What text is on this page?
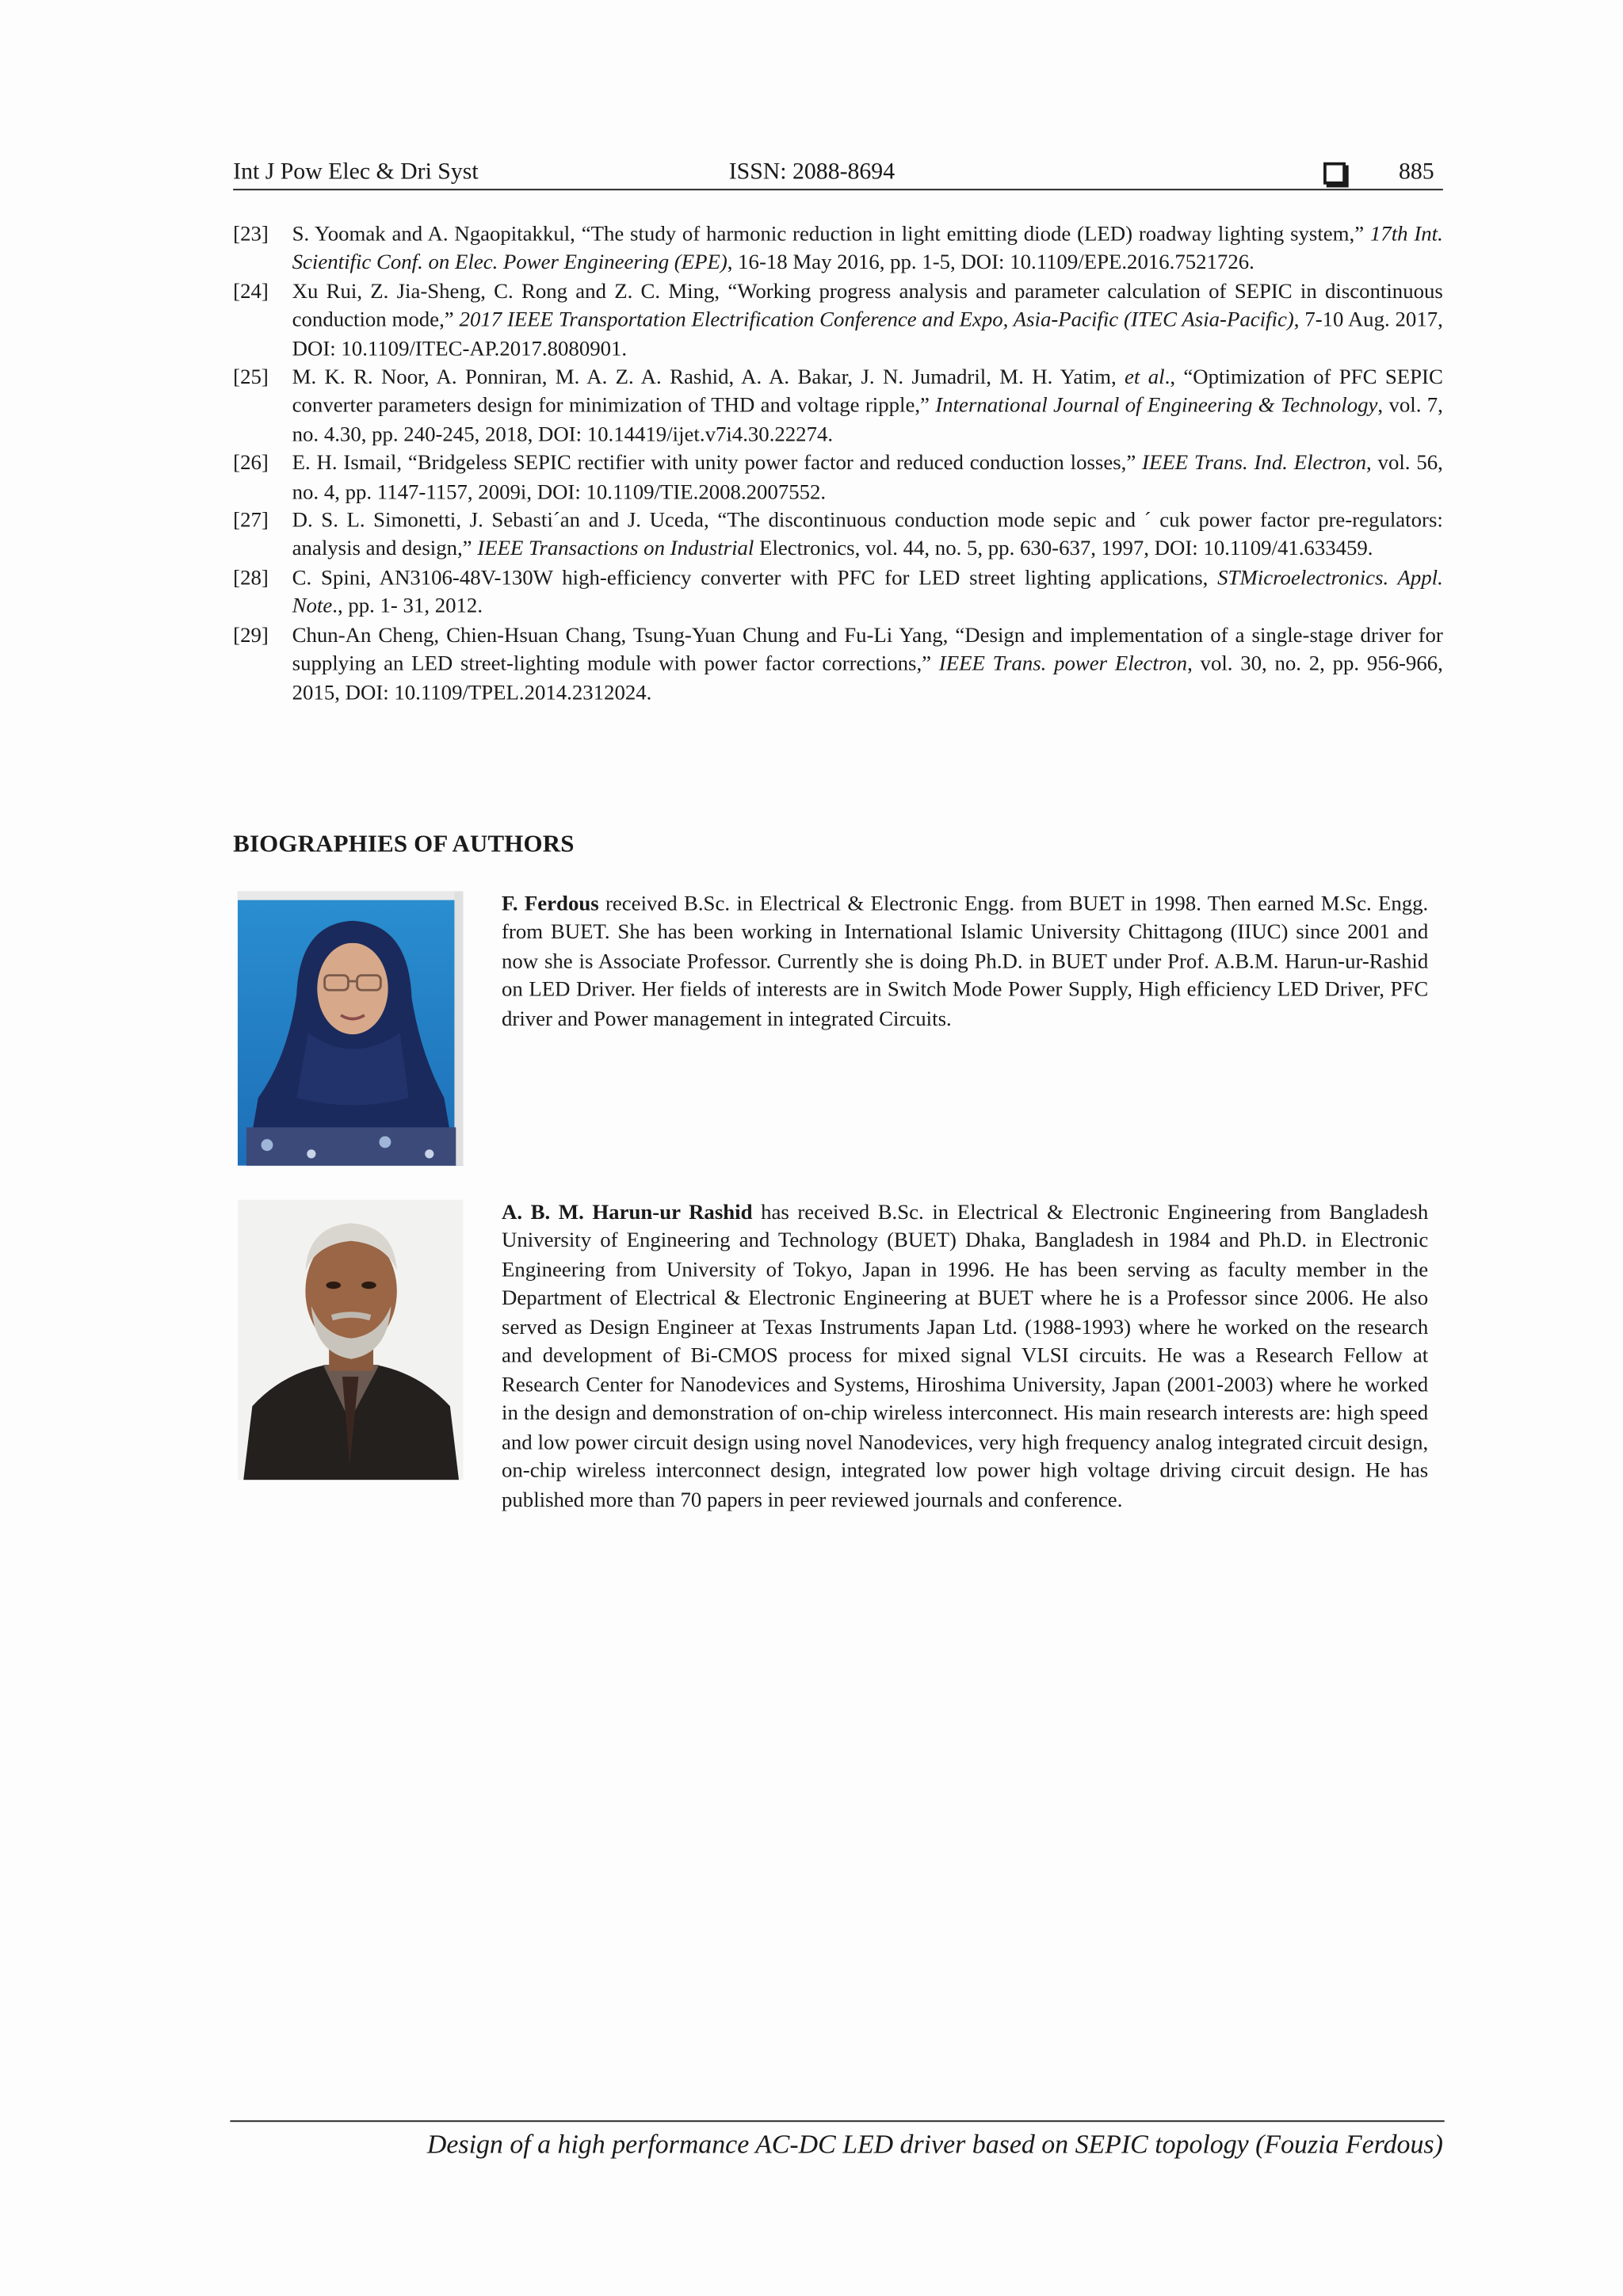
Int J Pow Elec & Dri Syst	ISSN: 2088-8694	885
[23]	S. Yoomak and A. Ngaopitakkul, “The study of harmonic reduction in light emitting diode (LED) roadway lighting system,” 17th Int. Scientific Conf. on Elec. Power Engineering (EPE), 16-18 May 2016, pp. 1-5, DOI: 10.1109/EPE.2016.7521726.
[24]	Xu Rui, Z. Jia-Sheng, C. Rong and Z. C. Ming, “Working progress analysis and parameter calculation of SEPIC in discontinuous conduction mode,” 2017 IEEE Transportation Electrification Conference and Expo, Asia-Pacific (ITEC Asia-Pacific), 7-10 Aug. 2017, DOI: 10.1109/ITEC-AP.2017.8080901.
[25]	M. K. R. Noor, A. Ponniran, M. A. Z. A. Rashid, A. A. Bakar, J. N. Jumadril, M. H. Yatim, et al., “Optimization of PFC SEPIC converter parameters design for minimization of THD and voltage ripple,” International Journal of Engineering & Technology, vol. 7, no. 4.30, pp. 240-245, 2018, DOI: 10.14419/ijet.v7i4.30.22274.
[26]	E. H. Ismail, “Bridgeless SEPIC rectifier with unity power factor and reduced conduction losses,” IEEE Trans. Ind. Electron, vol. 56, no. 4, pp. 1147-1157, 2009i, DOI: 10.1109/TIE.2008.2007552.
[27]	D. S. L. Simonetti, J. Sebasti´an and J. Uceda, “The discontinuous conduction mode sepic and ´ cuk power factor pre-regulators: analysis and design,” IEEE Transactions on Industrial Electronics, vol. 44, no. 5, pp. 630-637, 1997, DOI: 10.1109/41.633459.
[28]	C. Spini, AN3106-48V-130W high-efficiency converter with PFC for LED street lighting applications, STMicroelectronics. Appl. Note., pp. 1- 31, 2012.
[29]	Chun-An Cheng, Chien-Hsuan Chang, Tsung-Yuan Chung and Fu-Li Yang, “Design and implementation of a single-stage driver for supplying an LED street-lighting module with power factor corrections,” IEEE Trans. power Electron, vol. 30, no. 2, pp. 956-966, 2015, DOI: 10.1109/TPEL.2014.2312024.
BIOGRAPHIES OF AUTHORS
F. Ferdous received B.Sc. in Electrical & Electronic Engg. from BUET in 1998. Then earned M.Sc. Engg. from BUET. She has been working in International Islamic University Chittagong (IIUC) since 2001 and now she is Associate Professor. Currently she is doing Ph.D. in BUET under Prof. A.B.M. Harun-ur-Rashid on LED Driver. Her fields of interests are in Switch Mode Power Supply, High efficiency LED Driver, PFC driver and Power management in integrated Circuits.
A. B. M. Harun-ur Rashid has received B.Sc. in Electrical & Electronic Engineering from Bangladesh University of Engineering and Technology (BUET) Dhaka, Bangladesh in 1984 and Ph.D. in Electronic Engineering from University of Tokyo, Japan in 1996. He has been serving as faculty member in the Department of Electrical & Electronic Engineering at BUET where he is a Professor since 2006. He also served as Design Engineer at Texas Instruments Japan Ltd. (1988-1993) where he worked on the research and development of Bi-CMOS process for mixed signal VLSI circuits. He was a Research Fellow at Research Center for Nanodevices and Systems, Hiroshima University, Japan (2001-2003) where he worked in the design and demonstration of on-chip wireless interconnect. His main research interests are: high speed and low power circuit design using novel Nanodevices, very high frequency analog integrated circuit design, on-chip wireless interconnect design, integrated low power high voltage driving circuit design. He has published more than 70 papers in peer reviewed journals and conference.
Design of a high performance AC-DC LED driver based on SEPIC topology (Fouzia Ferdous)
